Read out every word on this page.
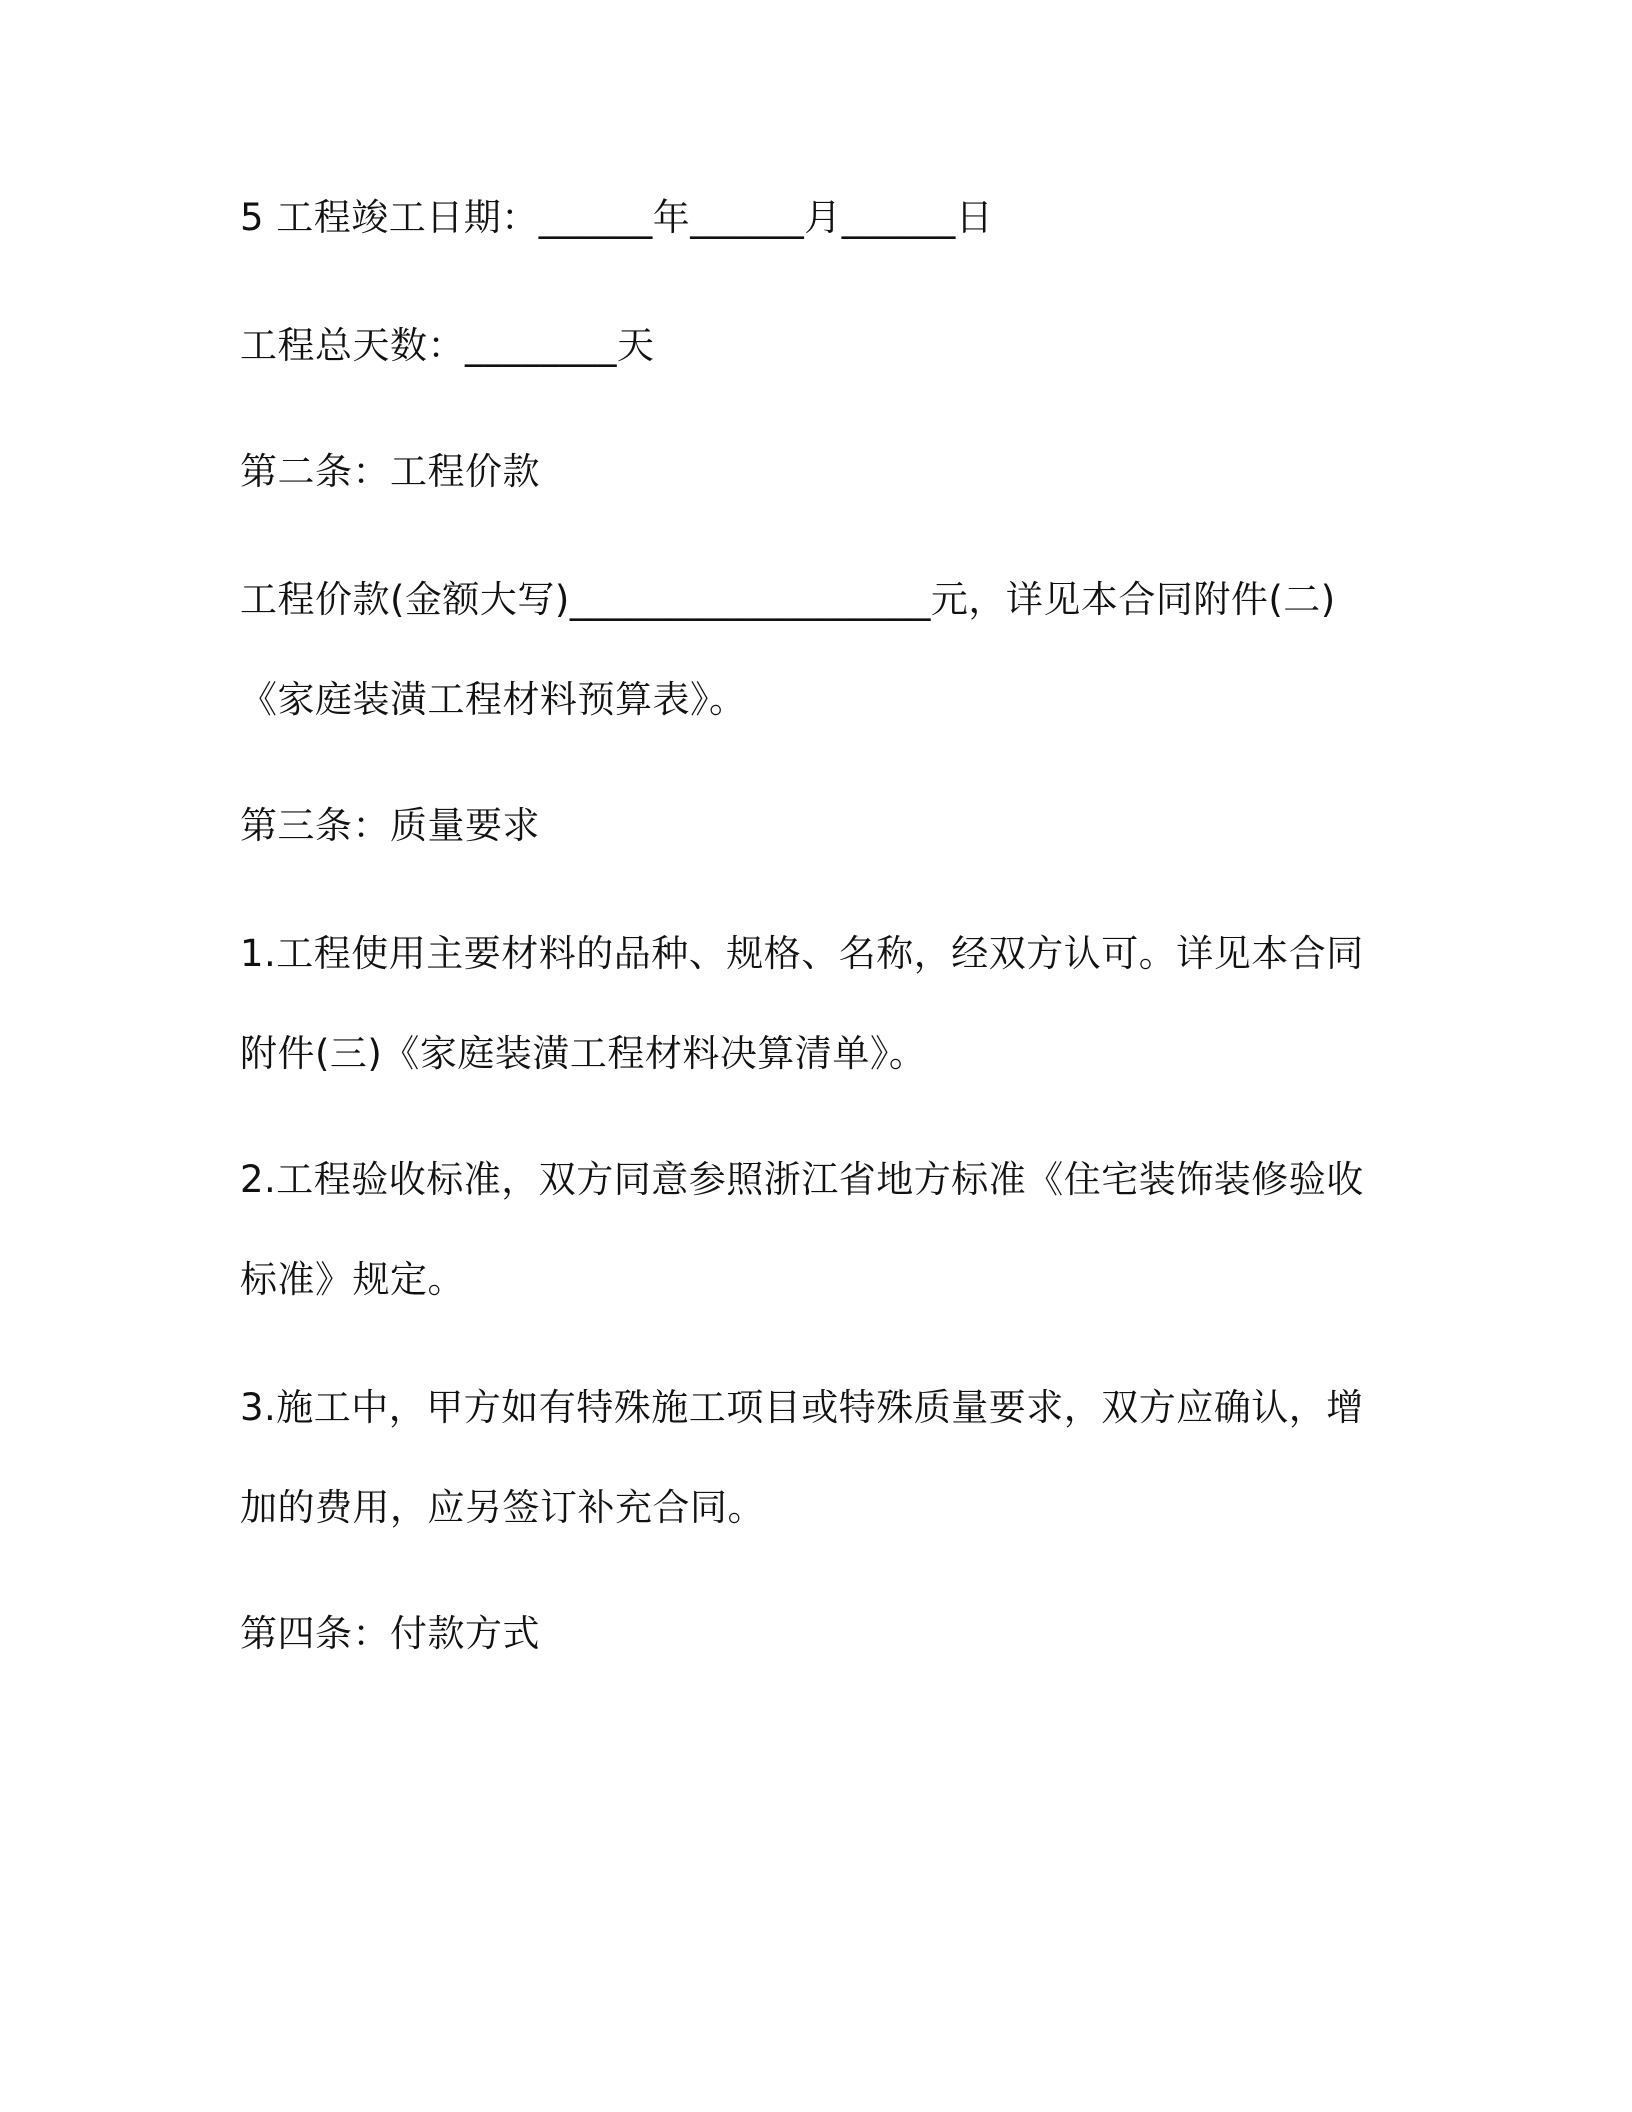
5 工程竣工日期：______年______月______日
工程总天数：________天
第二条：工程价款
工程价款(金额大写)___________________元，详见本合同附件(二)
《家庭装潢工程材料预算表》。
第三条：质量要求
1.工程使用主要材料的品种、规格、名称，经双方认可。详见本合同
附件(三)《家庭装潢工程材料决算清单》。
2.工程验收标准，双方同意参照浙江省地方标准《住宅装饰装修验收
标准》规定。
3.施工中，甲方如有特殊施工项目或特殊质量要求，双方应确认，增
加的费用，应另签订补充合同。
第四条：付款方式
